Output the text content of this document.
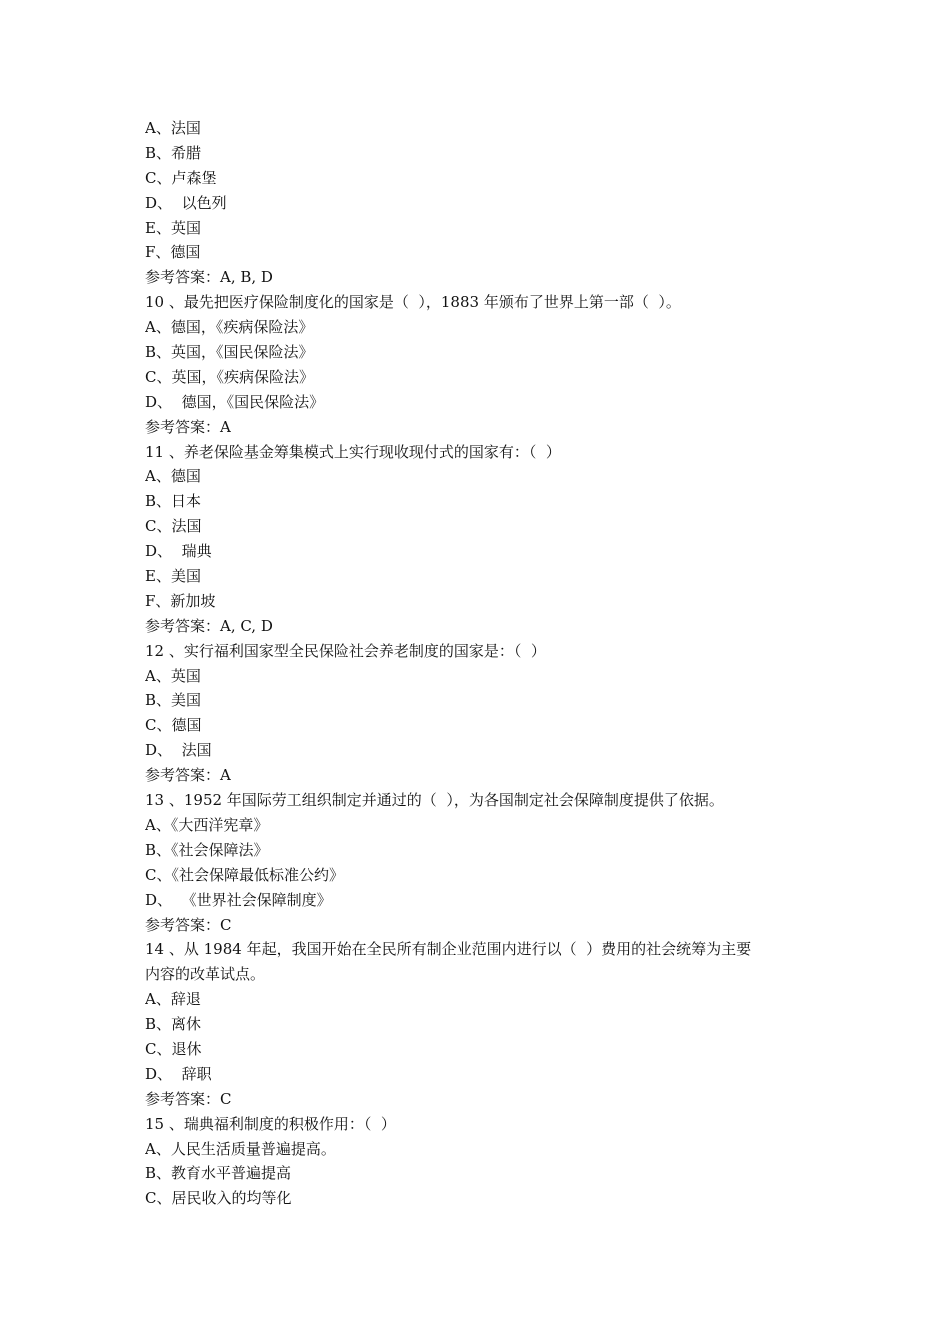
A、法国
B、希腊
C、卢森堡
D、  以色列
E、英国
F、德国
参考答案：A, B, D
10 、最先把医疗保险制度化的国家是（  ），1883 年颁布了世界上第一部（  ）。
A、德国，《疾病保险法》
B、英国，《国民保险法》
C、英国，《疾病保险法》
D、  德国，《国民保险法》
参考答案：A
11 、养老保险基金筹集模式上实行现收现付式的国家有：（  ）
A、德国
B、日本
C、法国
D、  瑞典
E、美国
F、新加坡
参考答案：A, C, D
12 、实行福利国家型全民保险社会养老制度的国家是：（  ）
A、英国
B、美国
C、德国
D、  法国
参考答案：A
13 、1952 年国际劳工组织制定并通过的（  ），为各国制定社会保障制度提供了依据。
A、《大西洋宪章》
B、《社会保障法》
C、《社会保障最低标准公约》
D、  《世界社会保障制度》
参考答案：C
14 、从 1984 年起，我国开始在全民所有制企业范围内进行以（  ）费用的社会统筹为主要
内容的改革试点。
A、辞退
B、离休
C、退休
D、  辞职
参考答案：C
15 、瑞典福利制度的积极作用：（  ）
A、人民生活质量普遍提高。
B、教育水平普遍提高
C、居民收入的均等化
